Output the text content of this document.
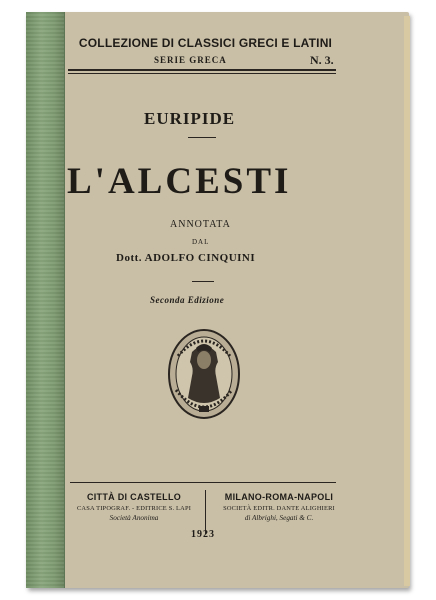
COLLEZIONE DI CLASSICI GRECI E LATINI
SERIE GRECA	N. 3.
EURIPIDE
L'ALCESTI
ANNOTATA
DAL
Dott. ADOLFO CINQUINI
Seconda Edizione
CITTÀ DI CASTELLO
CASA TIPOGRAF. - EDITRICE S. LAPI
Società Anonima
MILANO-ROMA-NAPOLI
SOCIETÀ EDITR. DANTE ALIGHIERI
di Albrighi, Segati & C.
1923
